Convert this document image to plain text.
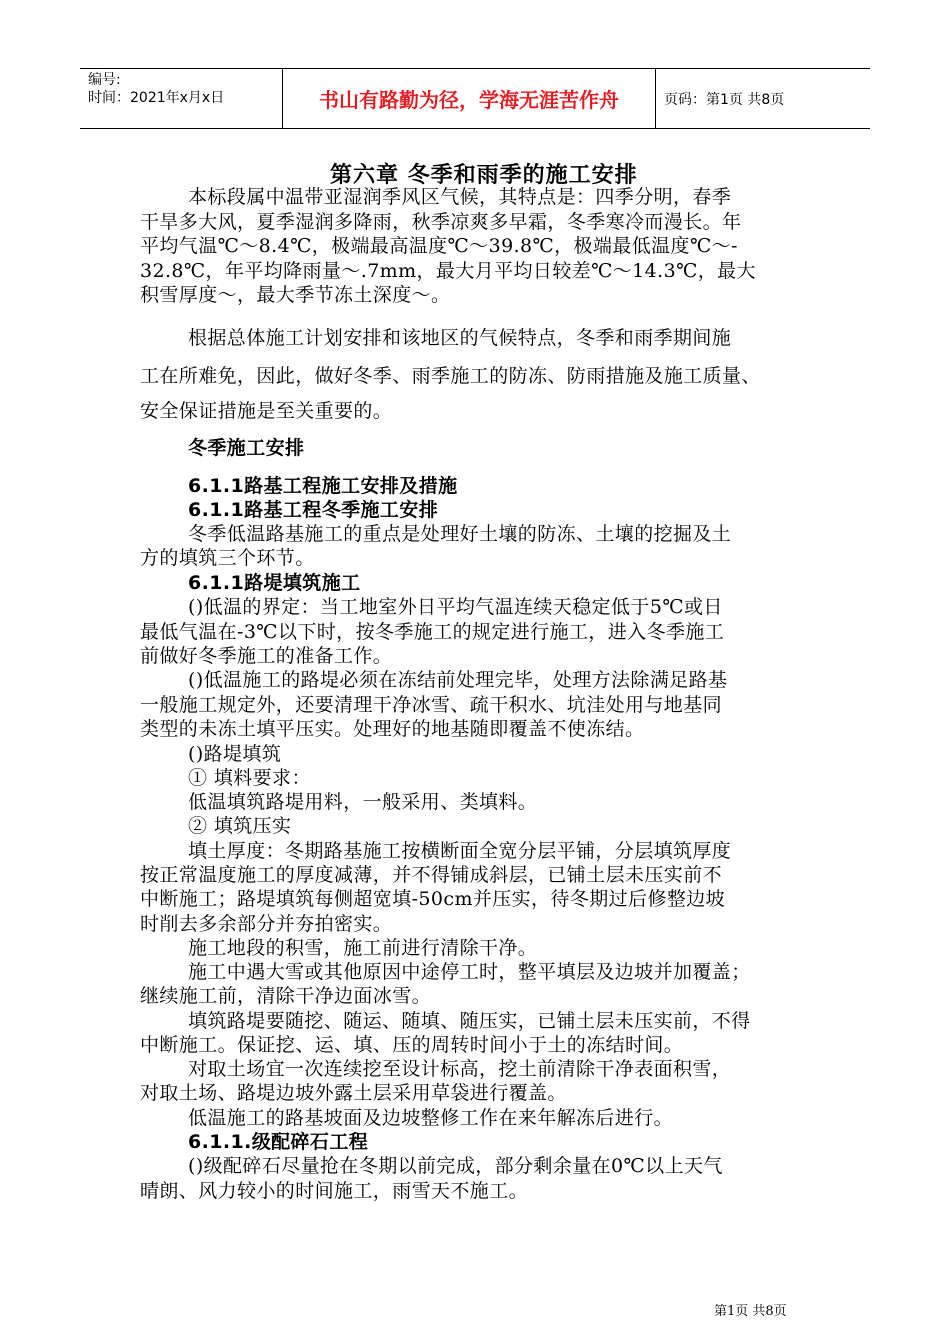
编号:
时间：2021年x月x日	书山有路勤为径，学海无涯苦作舟	页码：第1页 共8页
第六章 冬季和雨季的施工安排
本标段属中温带亚湿润季风区气候，其特点是：四季分明，春季
干旱多大风，夏季湿润多降雨，秋季凉爽多早霜，冬季寒冷而漫长。年
平均气温℃～8.4℃，极端最高温度℃～39.8℃，极端最低温度℃～-
32.8℃，年平均降雨量～.7mm，最大月平均日较差℃～14.3℃，最大
积雪厚度～，最大季节冻土深度～。
根据总体施工计划安排和该地区的气候特点，冬季和雨季期间施
工在所难免，因此，做好冬季、雨季施工的防冻、防雨措施及施工质量、
安全保证措施是至关重要的。
冬季施工安排
6.1.1路基工程施工安排及措施
6.1.1路基工程冬季施工安排
冬季低温路基施工的重点是处理好土壤的防冻、土壤的挖掘及土
方的填筑三个环节。
6.1.1路堤填筑施工
()低温的界定：当工地室外日平均气温连续天稳定低于5℃或日
最低气温在-3℃以下时，按冬季施工的规定进行施工，进入冬季施工
前做好冬季施工的准备工作。
()低温施工的路堤必须在冻结前处理完毕，处理方法除满足路基
一般施工规定外，还要清理干净冰雪、疏干积水、坑洼处用与地基同
类型的未冻土填平压实。处理好的地基随即覆盖不使冻结。
()路堤填筑
① 填料要求：
低温填筑路堤用料，一般采用、类填料。
② 填筑压实
填土厚度：冬期路基施工按横断面全宽分层平铺，分层填筑厚度
按正常温度施工的厚度减薄，并不得铺成斜层，已铺土层未压实前不
中断施工；路堤填筑每侧超宽填-50cm并压实，待冬期过后修整边坡
时削去多余部分并夯拍密实。
施工地段的积雪，施工前进行清除干净。
施工中遇大雪或其他原因中途停工时，整平填层及边坡并加覆盖；
继续施工前，清除干净边面冰雪。
填筑路堤要随挖、随运、随填、随压实，已铺土层未压实前，不得
中断施工。保证挖、运、填、压的周转时间小于土的冻结时间。
对取土场宜一次连续挖至设计标高，挖土前清除干净表面积雪，
对取土场、路堤边坡外露土层采用草袋进行覆盖。
低温施工的路基坡面及边坡整修工作在来年解冻后进行。
6.1.1.级配碎石工程
()级配碎石尽量抢在冬期以前完成，部分剩余量在0℃以上天气
晴朗、风力较小的时间施工，雨雪天不施工。
第1页 共8页
